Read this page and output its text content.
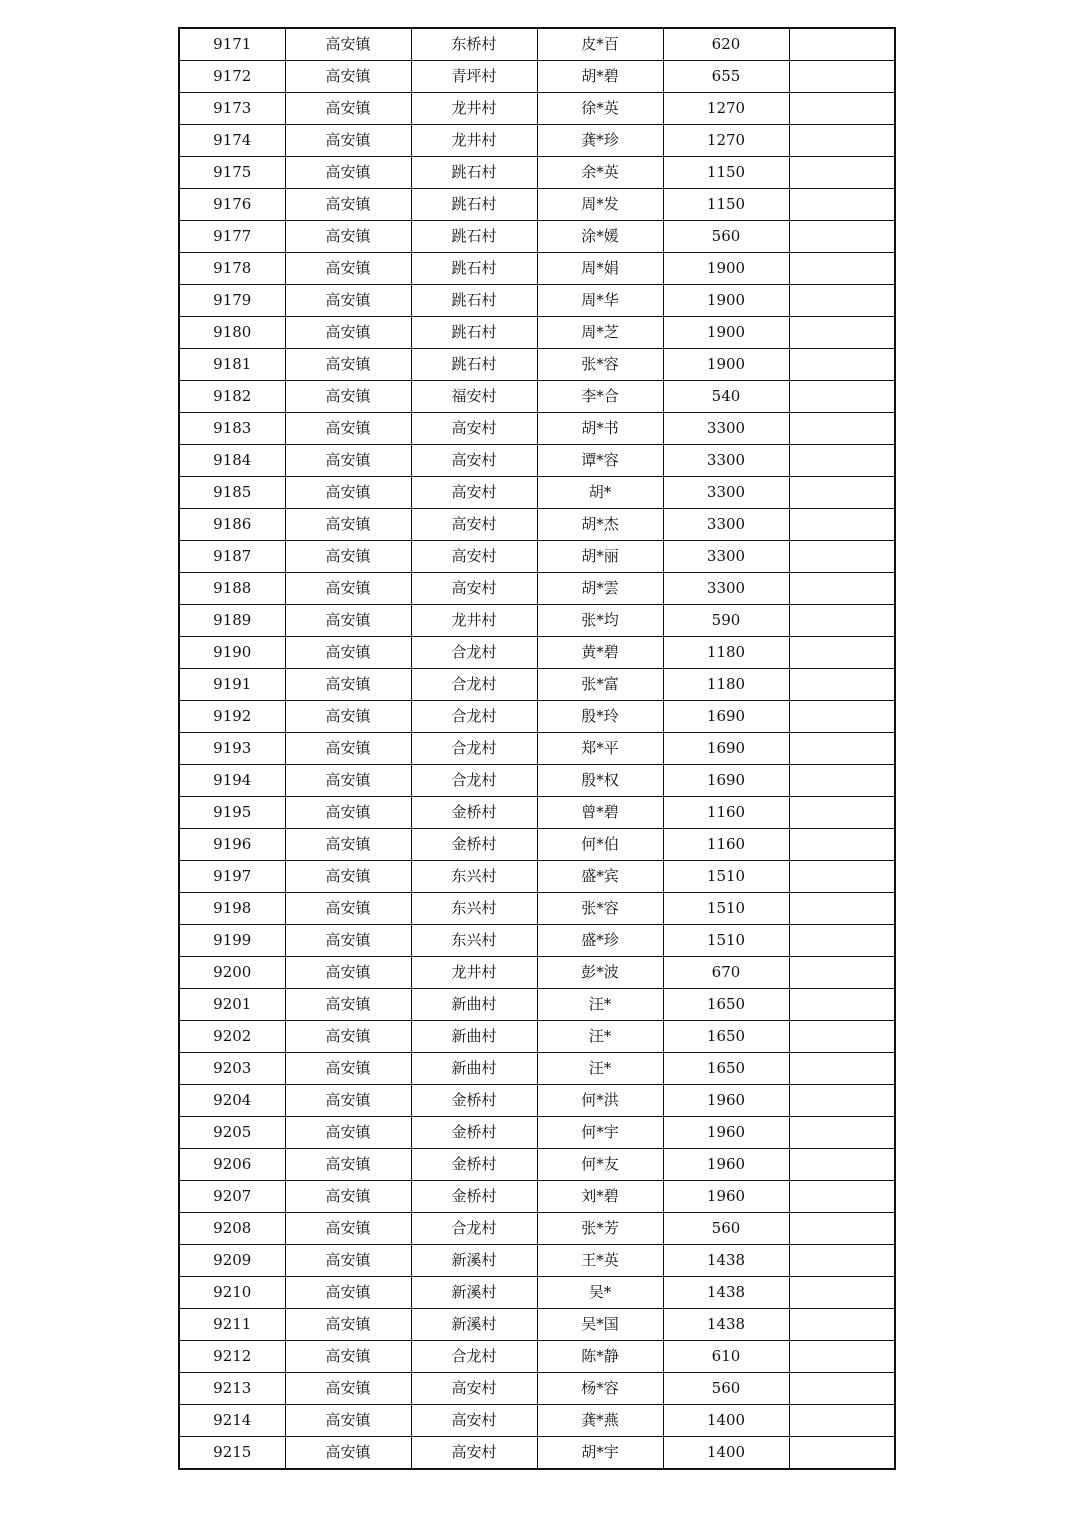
9171	高安镇	东桥村	皮*百	620	
9172	高安镇	青坪村	胡*碧	655	
9173	高安镇	龙井村	徐*英	1270	
9174	高安镇	龙井村	龚*珍	1270	
9175	高安镇	跳石村	余*英	1150	
9176	高安镇	跳石村	周*发	1150	
9177	高安镇	跳石村	涂*媛	560	
9178	高安镇	跳石村	周*娟	1900	
9179	高安镇	跳石村	周*华	1900	
9180	高安镇	跳石村	周*芝	1900	
9181	高安镇	跳石村	张*容	1900	
9182	高安镇	福安村	李*合	540	
9183	高安镇	高安村	胡*书	3300	
9184	高安镇	高安村	谭*容	3300	
9185	高安镇	高安村	胡*	3300	
9186	高安镇	高安村	胡*杰	3300	
9187	高安镇	高安村	胡*丽	3300	
9188	高安镇	高安村	胡*雲	3300	
9189	高安镇	龙井村	张*均	590	
9190	高安镇	合龙村	黄*碧	1180	
9191	高安镇	合龙村	张*富	1180	
9192	高安镇	合龙村	殷*玲	1690	
9193	高安镇	合龙村	郑*平	1690	
9194	高安镇	合龙村	殷*权	1690	
9195	高安镇	金桥村	曾*碧	1160	
9196	高安镇	金桥村	何*伯	1160	
9197	高安镇	东兴村	盛*宾	1510	
9198	高安镇	东兴村	张*容	1510	
9199	高安镇	东兴村	盛*珍	1510	
9200	高安镇	龙井村	彭*波	670	
9201	高安镇	新曲村	汪*	1650	
9202	高安镇	新曲村	汪*	1650	
9203	高安镇	新曲村	汪*	1650	
9204	高安镇	金桥村	何*洪	1960	
9205	高安镇	金桥村	何*宇	1960	
9206	高安镇	金桥村	何*友	1960	
9207	高安镇	金桥村	刘*碧	1960	
9208	高安镇	合龙村	张*芳	560	
9209	高安镇	新溪村	王*英	1438	
9210	高安镇	新溪村	吴*	1438	
9211	高安镇	新溪村	吴*国	1438	
9212	高安镇	合龙村	陈*静	610	
9213	高安镇	高安村	杨*容	560	
9214	高安镇	高安村	龚*燕	1400	
9215	高安镇	高安村	胡*宇	1400	
